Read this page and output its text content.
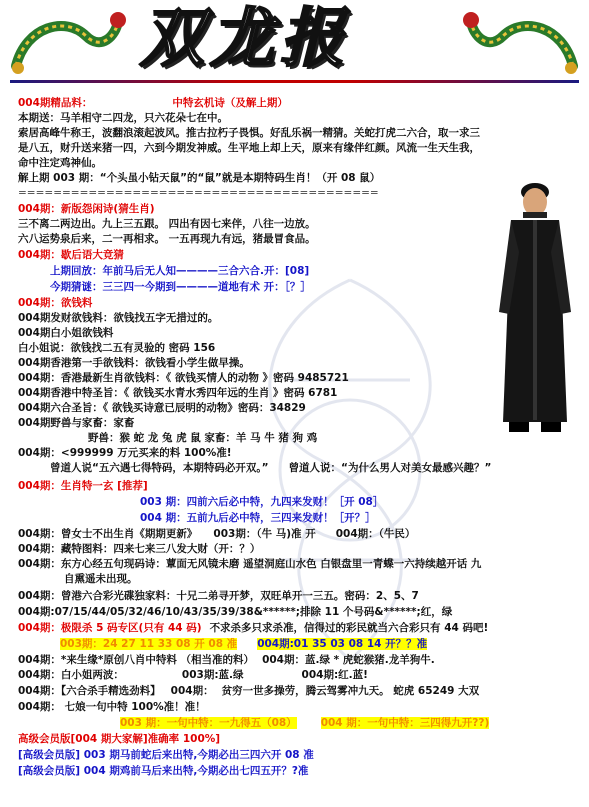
双龙报
004期精品料：	中特玄机诗（及解上期）
本期送：马羊相守二四龙，只六花朵七在中。
索居高峰牛称王，波翻浪滚起波风。推古拉朽子畏惧。好乱乐祸一精猜。关蛇打虎二六合，取一求三
是八五，财升送来猪一四，六到今期发神威。生平地上却上天，原来有缘伴红颜。风流一生天生我，
命中注定鸡神仙。
解上期 003 期：“个头虽小钻天鼠”的“鼠”就是本期特码生肖！（开 08 鼠）
=========================================
004期：新版怨闲诗(猜生肖)
三不离二两边出。九上三五跟。 四出有因七来伴，八往一边放。
六八运势泉后来，二一再相求。 一五再现九有远，猪最冒食品。
004期：歇后语大竞猜
上期回放：年前马后无人知————三合六合.开：[08]
今期猜谜：三三四一今期到————道地有术 开：［？］
004期：欲钱料
004期发财欲钱料：欲钱找五字无措过的。
004期白小姐欲钱料
白小姐说：欲钱找二五有灵验的 密码 156
004期香港第一手欲钱料：欲钱看小学生做早操。
004期：香港最新生肖欲钱料：《 欲钱买情人的动物 》密码 9485721
004期香港中特圣旨：《 欲钱买水青水秀四年远的生肖 》密码 6781
004期六合圣旨：《 欲钱买诗意已辰明的动物》密码：34829
004期野兽与家畜：家畜
野兽：猴 蛇 龙 兔 虎 鼠 家畜：羊 马 牛 猪 狗 鸡
004期：<999999 万元买来的料 100%准!
曾道人说“五六遇七得特码，本期特码必开双。” 曾道人说：“为什么男人对美女最感兴趣？”
004期：生肖特一玄 [推荐]
003 期：四前六后必中特，九四来发财！［开 08］
004 期：五前九后必中特，三四来发财！［开？］
004期：曾女士不出生肖《期期更新》 003期：（牛 马)准 开 004期：（牛民）
004期：藏特图料：四来七来三八发大财（开：？）
004期：东方心经五句现码诗：蕈面无风镜未磨 遥望洞庭山水色 白银盘里一青蝶一六持续越开话 九
自熏遥未出现。
004期：曾港六合彩光碟独家料：十兄二弟寻开梦，双旺单开一三五。密码：2、5、7
004期:07/15/44/05/32/46/10/43/35/39/38&******;排除 11 个号码&******;红，绿
004期：极限杀 5 码专区(只有 44 码) 不求杀多只求杀准，信得过的彩民就当六合彩只有 44 码吧!
003期：24 27 11 33 08 开 08 准 004期:01 35 03 08 14 开？？准
004期：*来生缘*原创八肖中特料 （相当准的料） 004期：蓝.绿 * 虎蛇猴猪.龙羊狗牛.
004期：白小姐两波：	003期:蓝.绿	004期:红.蓝!
004期：【六合杀手精选劲料】 004期： 贫穷一世多操劳，腾云驾雾冲九天。 蛇虎 65249 大双
004期： 七娘一句中特 100%准！准！
003 期：一句中特：一九得五（08） 004 期：一句中特：三四得九开??)
高级会员版[004 期大家解]准确率 100%]
[高级会员版] 003 期马前蛇后来出特,今期必出三四六开 08 准
[高级会员版] 004 期鸡前马后来出特,今期必出七四五开？?准
